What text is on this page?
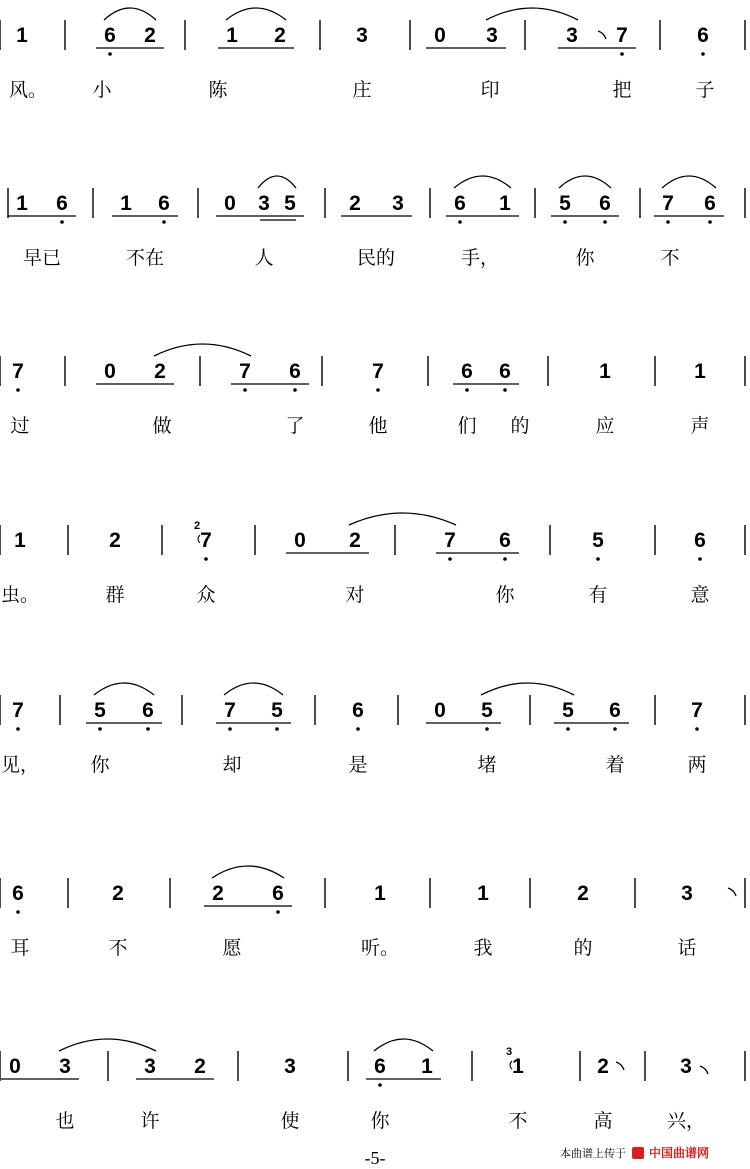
1	6 2	1 2	3	0 3	3 7	6
风。 小	陈	庄	印	把	子
1 6 1 6	0 3 5	2 3 6 1 5 6 7 6
早已	不在	人	民的	手，	你	不
7	0 2	7 6	7	6 6	1	1
过	做	了	他	们 的	应	声
1	2	7
2
0 2	7 6	5	6
虫。	群	众	对	你	有	意
7	5 6	7 5	6	0 5	5 6	7
见，	你	却	是	堵	着	两
6	2	2 6	1	1	2	3
耳	不	愿	听。	我	的	话
0 3	3 2	3	6 1	1
3
2	3
也	许	使	你	不	高	兴，
-5-	本曲谱上传于 中国曲谱网
